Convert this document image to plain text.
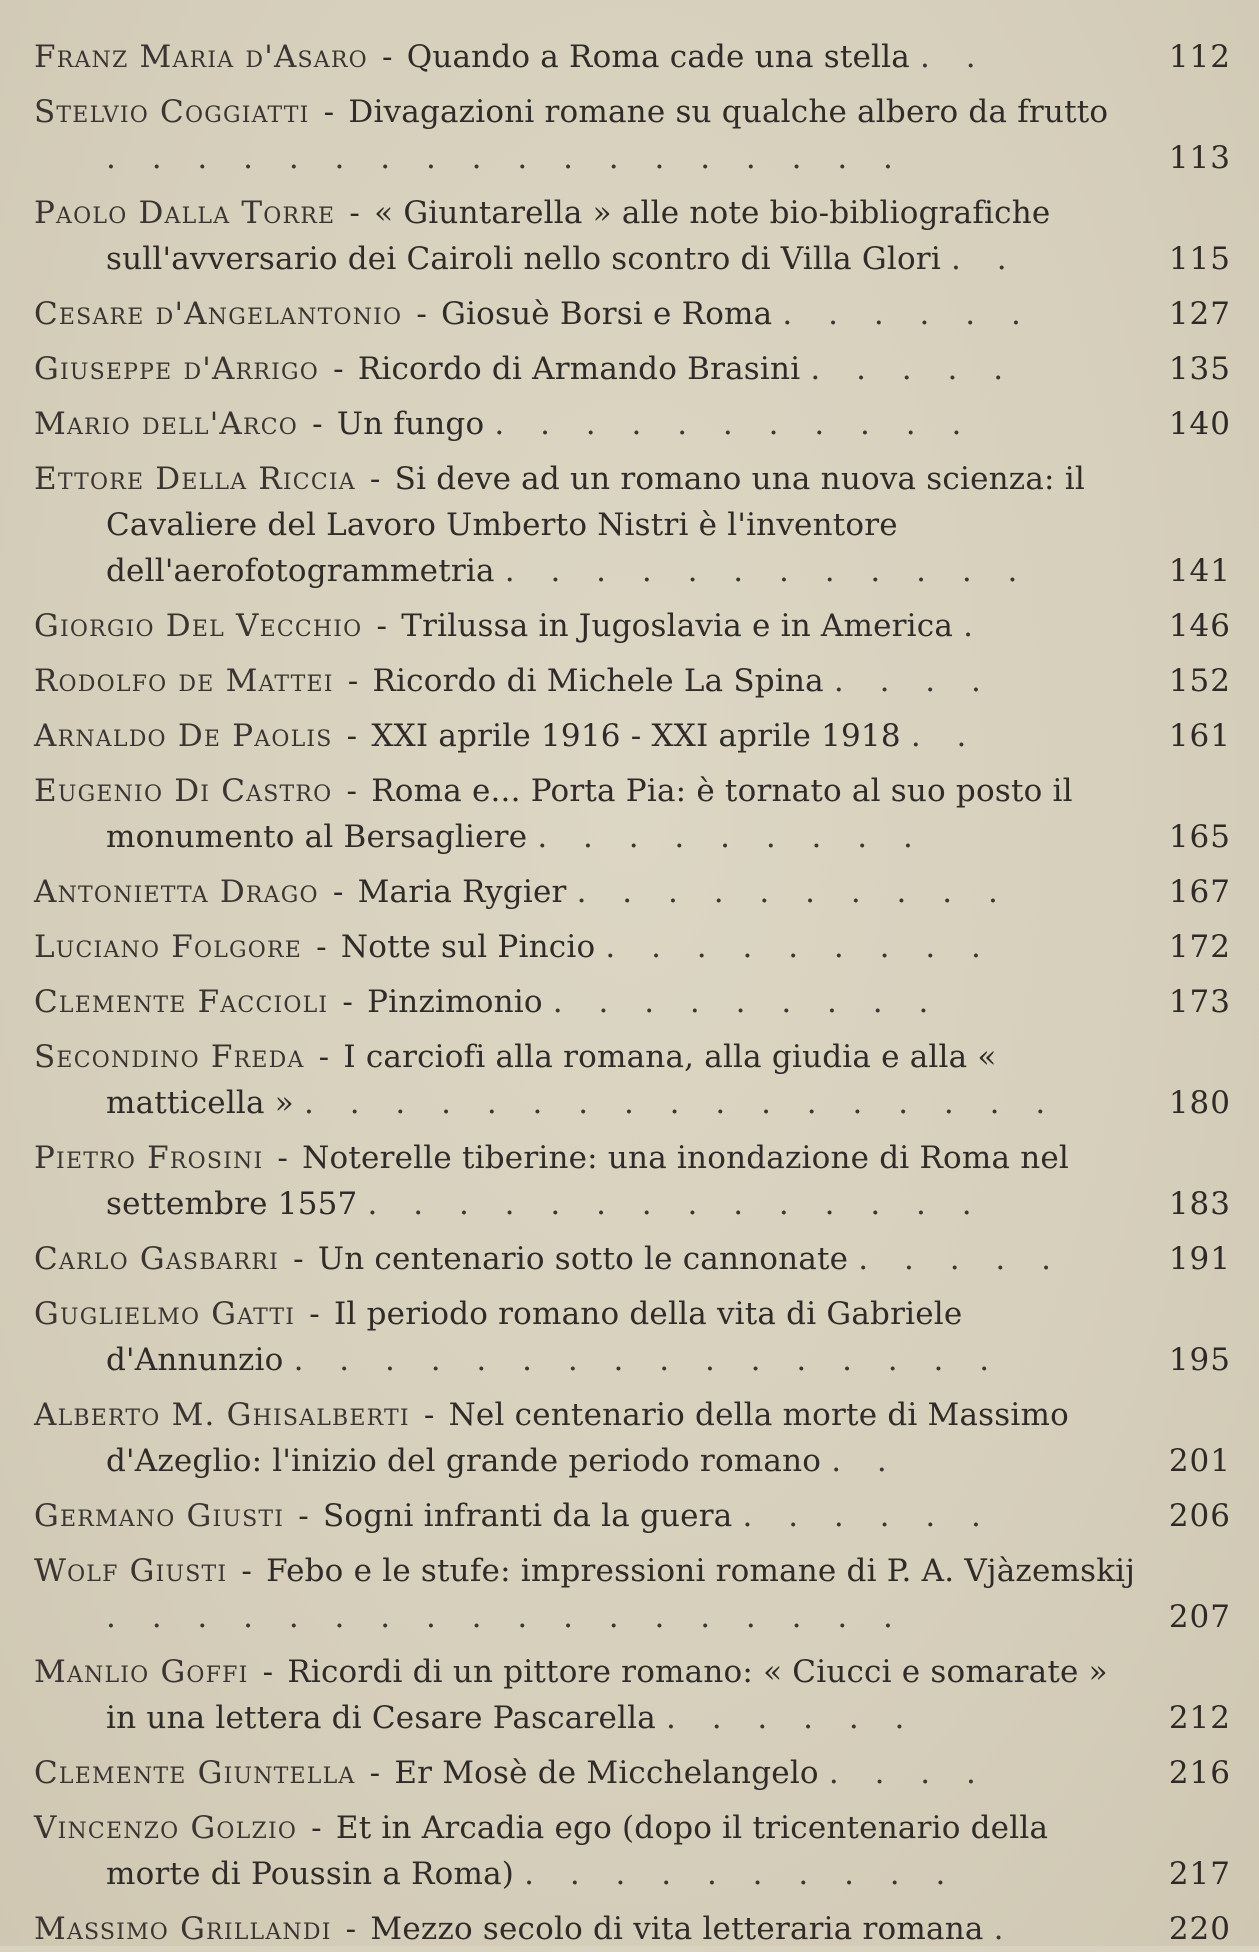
Franz Maria d'Asaro - Quando a Roma cade una stella . .	112
Stelvio Coggiatti - Divagazioni romane su qualche albero da frutto . . . . . . . . . . . . . . . . . .	113
Paolo Dalla Torre - « Giuntarella » alle note bio-bibliografiche sull'avversario dei Cairoli nello scontro di Villa Glori . .	115
Cesare d'Angelantonio - Giosuè Borsi e Roma . . . . . .	127
Giuseppe d'Arrigo - Ricordo di Armando Brasini . . . . .	135
Mario dell'Arco - Un fungo . . . . . . . . . . .	140
Ettore Della Riccia - Si deve ad un romano una nuova scienza: il Cavaliere del Lavoro Umberto Nistri è l'inventore dell'aerofotogrammetria . . . . . . . . . . . .	141
Giorgio Del Vecchio - Trilussa in Jugoslavia e in America .	146
Rodolfo de Mattei - Ricordo di Michele La Spina . . . .	152
Arnaldo De Paolis - XXI aprile 1916 - XXI aprile 1918 . .	161
Eugenio Di Castro - Roma e... Porta Pia: è tornato al suo posto il monumento al Bersagliere . . . . . . . . .	165
Antonietta Drago - Maria Rygier . . . . . . . . . .	167
Luciano Folgore - Notte sul Pincio . . . . . . . . .	172
Clemente Faccioli - Pinzimonio . . . . . . . . .	173
Secondino Freda - I carciofi alla romana, alla giudia e alla « matticella » . . . . . . . . . . . . . . . . .	180
Pietro Frosini - Noterelle tiberine: una inondazione di Roma nel settembre 1557 . . . . . . . . . . . . . .	183
Carlo Gasbarri - Un centenario sotto le cannonate . . . . .	191
Guglielmo Gatti - Il periodo romano della vita di Gabriele d'Annunzio . . . . . . . . . . . . . . . .	195
Alberto M. Ghisalberti - Nel centenario della morte di Massimo d'Azeglio: l'inizio del grande periodo romano . .	201
Germano Giusti - Sogni infranti da la guera . . . . . .	206
Wolf Giusti - Febo e le stufe: impressioni romane di P. A. Vjàzemskij . . . . . . . . . . . . . . . . . .	207
Manlio Goffi - Ricordi di un pittore romano: « Ciucci e somarate » in una lettera di Cesare Pascarella . . . . . .	212
Clemente Giuntella - Er Mosè de Micchelangelo . . . .	216
Vincenzo Golzio - Et in Arcadia ego (dopo il tricentenario della morte di Poussin a Roma) . . . . . . . . . .	217
Massimo Grillandi - Mezzo secolo di vita letteraria romana .	220
